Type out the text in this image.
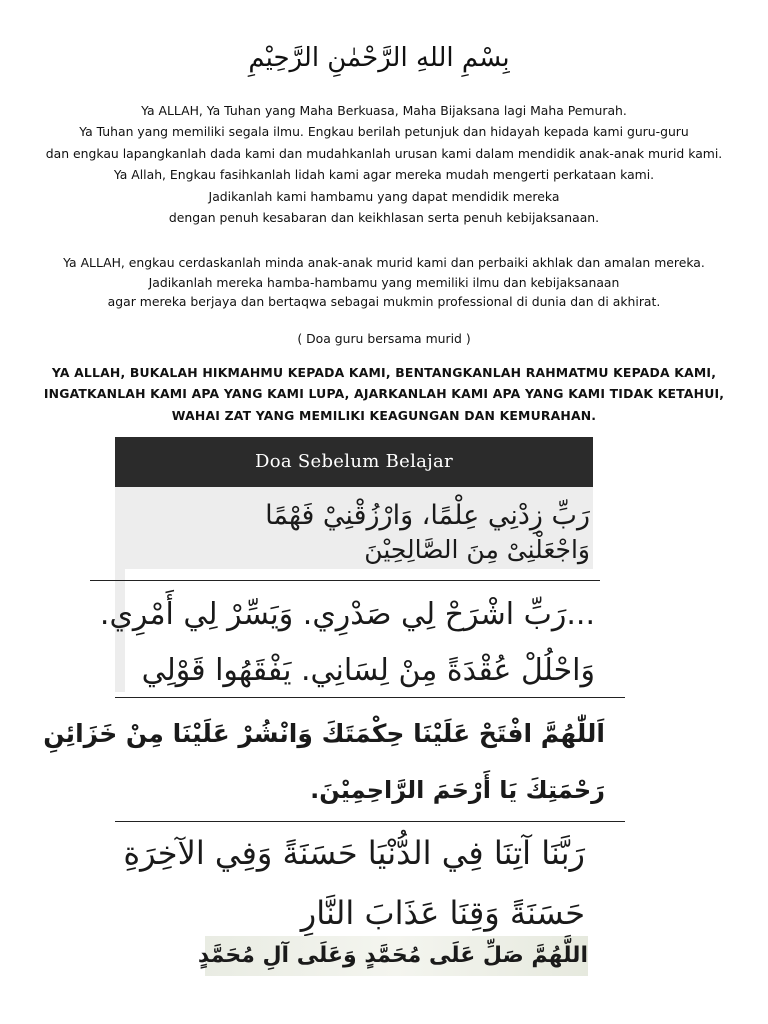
بِسْمِ اللهِ الرَّحْمٰنِ الرَّحِيْمِ

Ya ALLAH, Ya Tuhan yang Maha Berkuasa, Maha Bijaksana lagi Maha Pemurah.
Ya Tuhan yang memiliki segala ilmu. Engkau berilah petunjuk dan hidayah kepada kami guru-guru
dan engkau lapangkanlah dada kami dan mudahkanlah urusan kami dalam mendidik anak-anak murid kami.
Ya Allah, Engkau fasihkanlah lidah kami agar mereka mudah mengerti perkataan kami.
Jadikanlah kami hambamu yang dapat mendidik mereka
dengan penuh kesabaran dan keikhlasan serta penuh kebijaksanaan.

Ya ALLAH, engkau cerdaskanlah minda anak-anak murid kami dan perbaiki akhlak dan amalan mereka.
Jadikanlah mereka hamba-hambamu yang memiliki ilmu dan kebijaksanaan
agar mereka berjaya dan bertaqwa sebagai mukmin professional di dunia dan di akhirat.

( Doa guru bersama murid )

YA ALLAH, BUKALAH HIKMAHMU KEPADA KAMI, BENTANGKANLAH RAHMATMU KEPADA KAMI,
INGATKANLAH KAMI APA YANG KAMI LUPA, AJARKANLAH KAMI APA YANG KAMI TIDAK KETAHUI,
WAHAI ZAT YANG MEMILIKI KEAGUNGAN DAN KEMURAHAN.

Doa Sebelum Belajar
رَبِّ زِدْنِي عِلْمًا، وَارْزُقْنِيْ فَهْمًا
وَاجْعَلْنِىْ مِنَ الصَّالِحِيْنَ
...رَبِّ اشْرَحْ لِي صَدْرِي. وَيَسِّرْ لِي أَمْرِي.
وَاحْلُلْ عُقْدَةً مِنْ لِسَانِي. يَفْقَهُوا قَوْلِي
اَللّٰهُمَّ افْتَحْ عَلَيْنَا حِكْمَتَكَ وَانْشُرْ عَلَيْنَا مِنْ خَزَائِنِ
رَحْمَتِكَ يَا أَرْحَمَ الرَّاحِمِيْنَ.
رَبَّنَا آتِنَا فِي الدُّنْيَا حَسَنَةً وَفِي الآخِرَةِ
حَسَنَةً وَقِنَا عَذَابَ النَّارِ
اللَّهُمَّ صَلِّ عَلَى مُحَمَّدٍ وَعَلَى آلِ مُحَمَّدٍ
